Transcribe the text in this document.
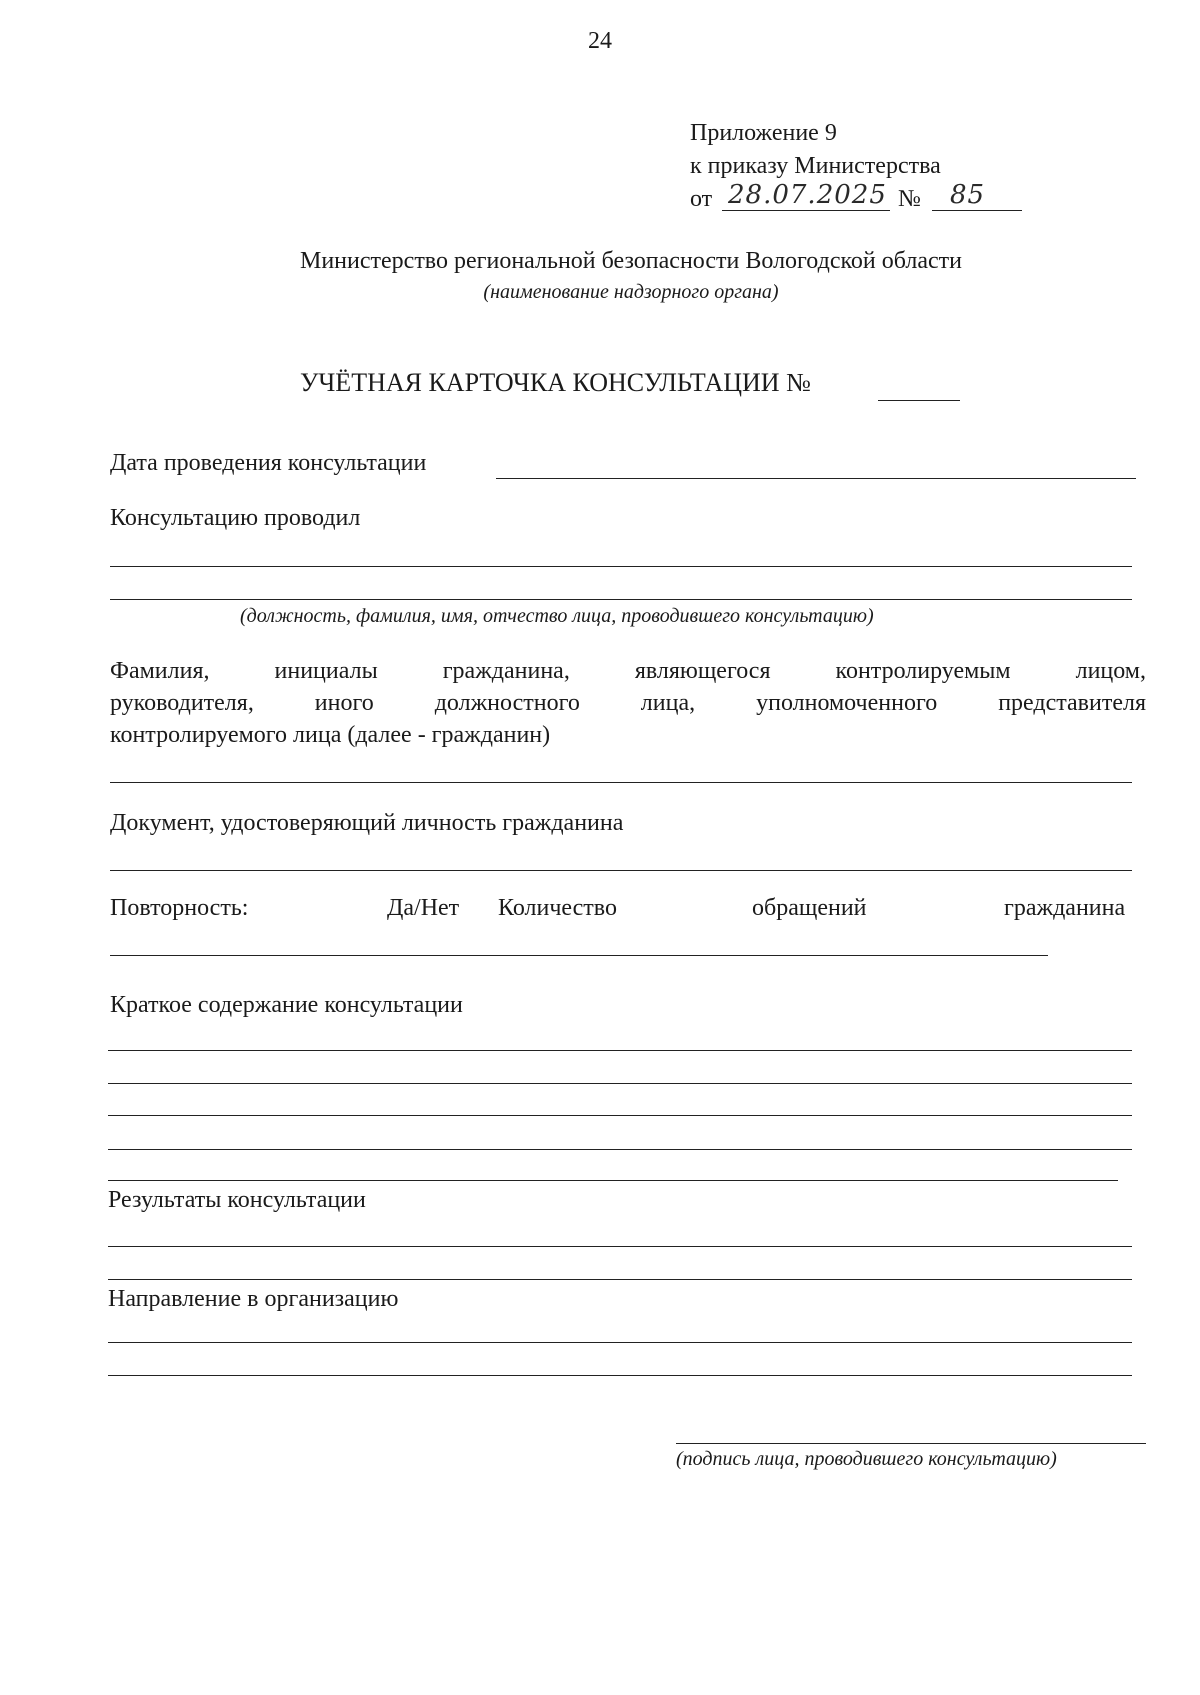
24
Приложение 9
к приказу Министерства
от 28.07.2025 № 85
Министерство региональной безопасности Вологодской области
(наименование надзорного органа)
УЧЁТНАЯ КАРТОЧКА КОНСУЛЬТАЦИИ №
Дата проведения консультации
Консультацию проводил
(должность, фамилия, имя, отчество лица, проводившего консультацию)
Фамилия, инициалы гражданина, являющегося контролируемым лицом,
руководителя, иного должностного лица, уполномоченного представителя
контролируемого лица (далее - гражданин)
Документ, удостоверяющий личность гражданина
Повторность:	Да/Нет Количество	обращений	гражданина
Краткое содержание консультации
Результаты консультации
Направление в организацию
(подпись лица, проводившего консультацию)
